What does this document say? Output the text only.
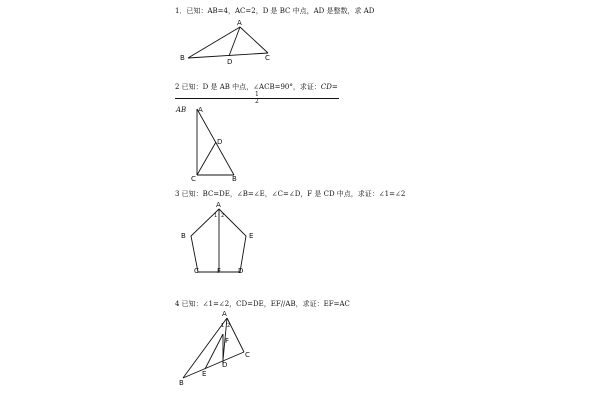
1．已知：AB=4，AC=2，D 是 BC 中点，AD 是整数，求 AD
A
B	C
D
2 已知：D 是 AB 中点，∠ACB=90°，求证：CD=
1
2
AB	A
D
C	B
3 已知：BC=DE，∠B=∠E，∠C=∠D，F 是 CD 中点，求证：∠1=∠2
A
1 2
B	E
C	F D
4 已知：∠1=∠2，CD=DE，EF//AB，求证：EF=AC
A
1 2
F
C
D
E
B
